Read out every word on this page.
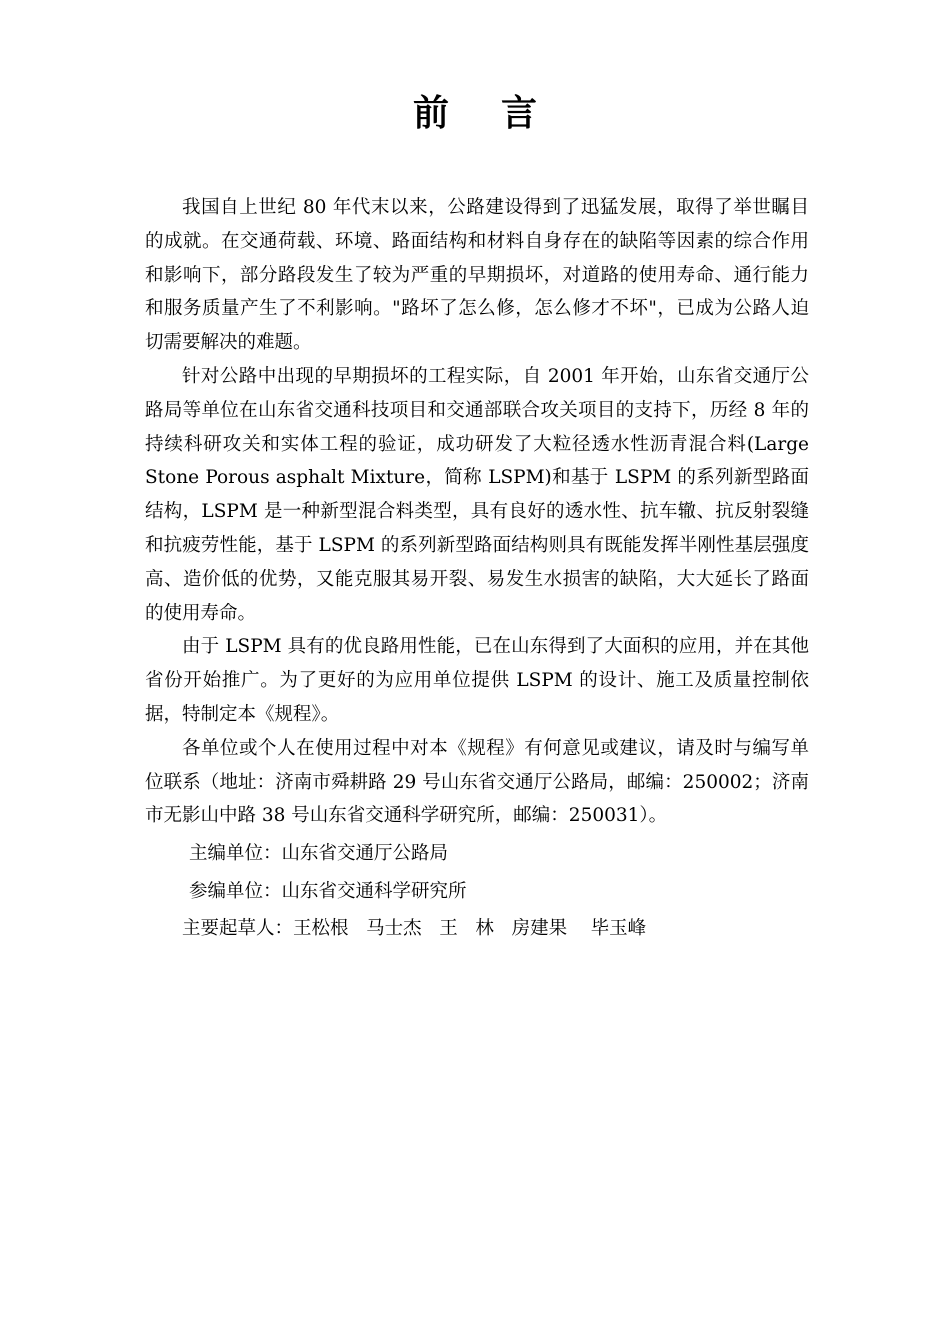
前言

我国自上世纪 80 年代末以来，公路建设得到了迅猛发展，取得了举世瞩目的成就。在交通荷载、环境、路面结构和材料自身存在的缺陷等因素的综合作用和影响下，部分路段发生了较为严重的早期损坏，对道路的使用寿命、通行能力和服务质量产生了不利影响。"路坏了怎么修，怎么修才不坏"，已成为公路人迫切需要解决的难题。

针对公路中出现的早期损坏的工程实际，自 2001 年开始，山东省交通厅公路局等单位在山东省交通科技项目和交通部联合攻关项目的支持下，历经 8 年的持续科研攻关和实体工程的验证，成功研发了大粒径透水性沥青混合料(Large Stone Porous asphalt Mixture，简称 LSPM)和基于 LSPM 的系列新型路面结构，LSPM 是一种新型混合料类型，具有良好的透水性、抗车辙、抗反射裂缝和抗疲劳性能，基于 LSPM 的系列新型路面结构则具有既能发挥半刚性基层强度高、造价低的优势，又能克服其易开裂、易发生水损害的缺陷，大大延长了路面的使用寿命。

由于 LSPM 具有的优良路用性能，已在山东得到了大面积的应用，并在其他省份开始推广。为了更好的为应用单位提供 LSPM 的设计、施工及质量控制依据，特制定本《规程》。

各单位或个人在使用过程中对本《规程》有何意见或建议，请及时与编写单位联系（地址：济南市舜耕路 29 号山东省交通厅公路局，邮编：250002；济南市无影山中路 38 号山东省交通科学研究所，邮编：250031）。

主编单位：山东省交通厅公路局

参编单位：山东省交通科学研究所

主要起草人：王松根   马士杰   王   林   房建果    毕玉峰
